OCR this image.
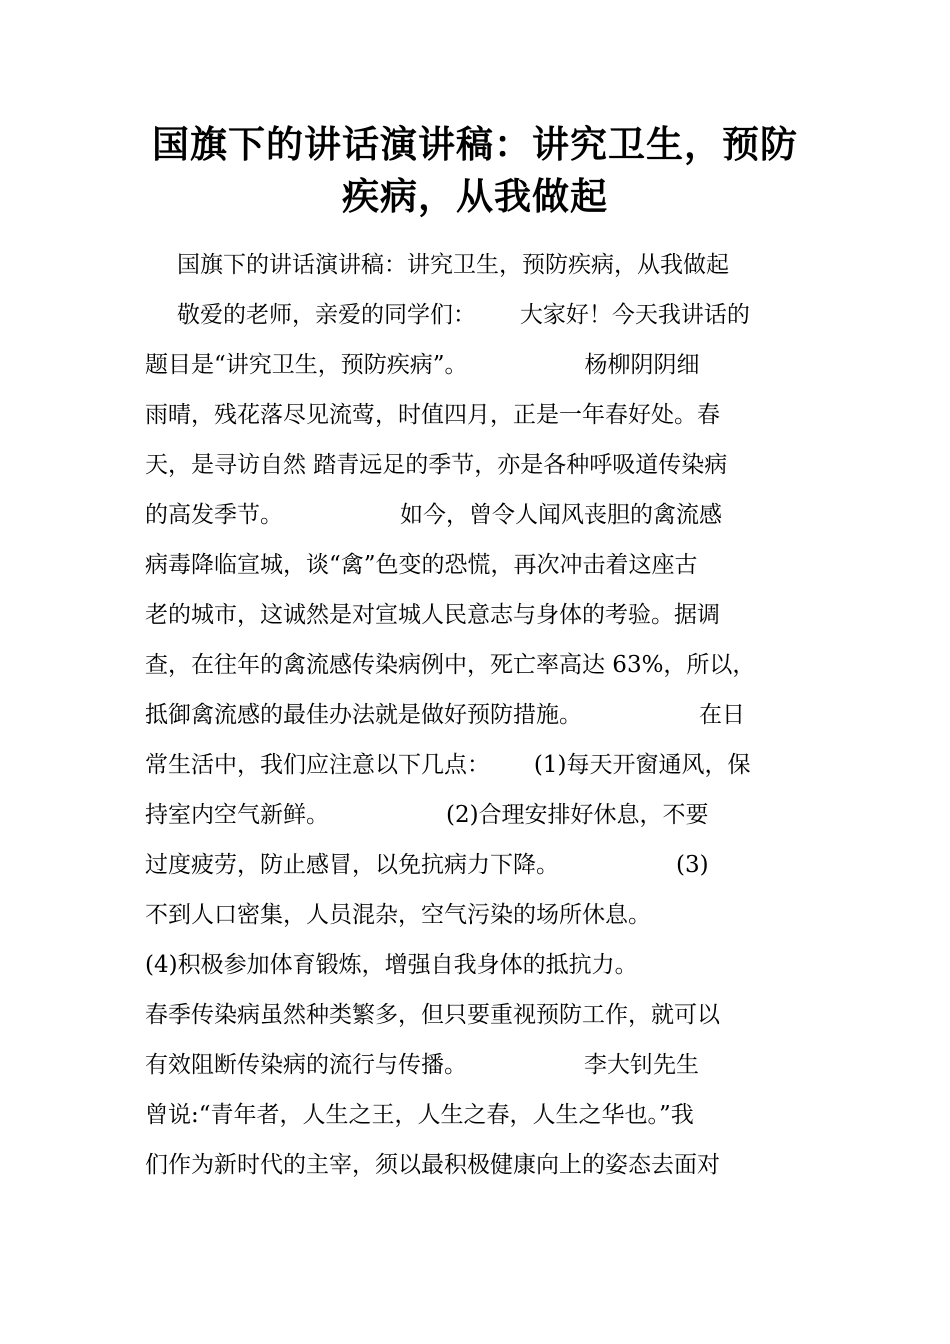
国旗下的讲话演讲稿：讲究卫生，预防
疾病，从我做起
国旗下的讲话演讲稿：讲究卫生，预防疾病，从我做起
敬爱的老师，亲爱的同学们：      大家好！今天我讲话的
题目是“讲究卫生，预防疾病”。                杨柳阴阴细
雨晴，残花落尽见流莺，时值四月，正是一年春好处。春
天，是寻访自然 踏青远足的季节，亦是各种呼吸道传染病
的高发季节。                如今，曾令人闻风丧胆的禽流感
病毒降临宣城，谈“禽”色变的恐慌，再次冲击着这座古
老的城市，这诚然是对宣城人民意志与身体的考验。据调
查，在往年的禽流感传染病例中，死亡率高达 63%，所以，
抵御禽流感的最佳办法就是做好预防措施。                在日
常生活中，我们应注意以下几点：      (1)每天开窗通风，保
持室内空气新鲜。                (2)合理安排好休息，不要
过度疲劳，防止感冒，以免抗病力下降。                (3)
不到人口密集，人员混杂，空气污染的场所休息。
(4)积极参加体育锻炼，增强自我身体的抵抗力。
春季传染病虽然种类繁多，但只要重视预防工作，就可以
有效阻断传染病的流行与传播。                李大钊先生
曾说:“青年者，人生之王，人生之春，人生之华也。”我
们作为新时代的主宰，须以最积极健康向上的姿态去面对
